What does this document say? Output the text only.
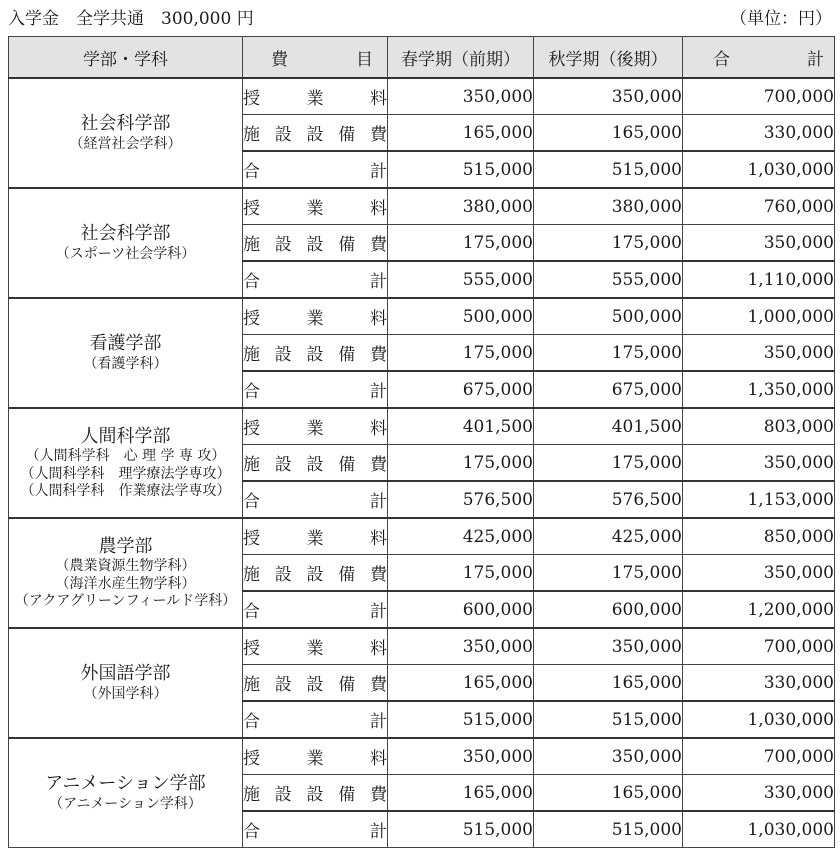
入学金　全学共通　300,000 円	（単位：円）
学部・学科	費 目	春学期（前期）	秋学期（後期）	合 計

社会科学部
（経営社会学科）	授 業 料	350,000	350,000	700,000

	施 設 設 備 費	165,000	165,000	330,000

	合 計	515,000	515,000	1,030,000

社会科学部
（スポーツ社会学科）	授 業 料	380,000	380,000	760,000

	施 設 設 備 費	175,000	175,000	350,000

	合 計	555,000	555,000	1,110,000

看護学部
（看護学科）	授 業 料	500,000	500,000	1,000,000

	施 設 設 備 費	175,000	175,000	350,000

	合 計	675,000	675,000	1,350,000

人間科学部
（人間科学科　心 理 学 専 攻）
（人間科学科　理学療法学専攻）
（人間科学科　作業療法学専攻）	授 業 料	401,500	401,500	803,000

	施 設 設 備 費	175,000	175,000	350,000

	合 計	576,500	576,500	1,153,000

農学部
（農業資源生物学科）
（海洋水産生物学科）
（アクアグリーンフィールド学科）	授 業 料	425,000	425,000	850,000

	施 設 設 備 費	175,000	175,000	350,000

	合 計	600,000	600,000	1,200,000

外国語学部
（外国学科）	授 業 料	350,000	350,000	700,000

	施 設 設 備 費	165,000	165,000	330,000

	合 計	515,000	515,000	1,030,000

アニメーション学部
（アニメーション学科）	授 業 料	350,000	350,000	700,000

	施 設 設 備 費	165,000	165,000	330,000

	合 計	515,000	515,000	1,030,000
